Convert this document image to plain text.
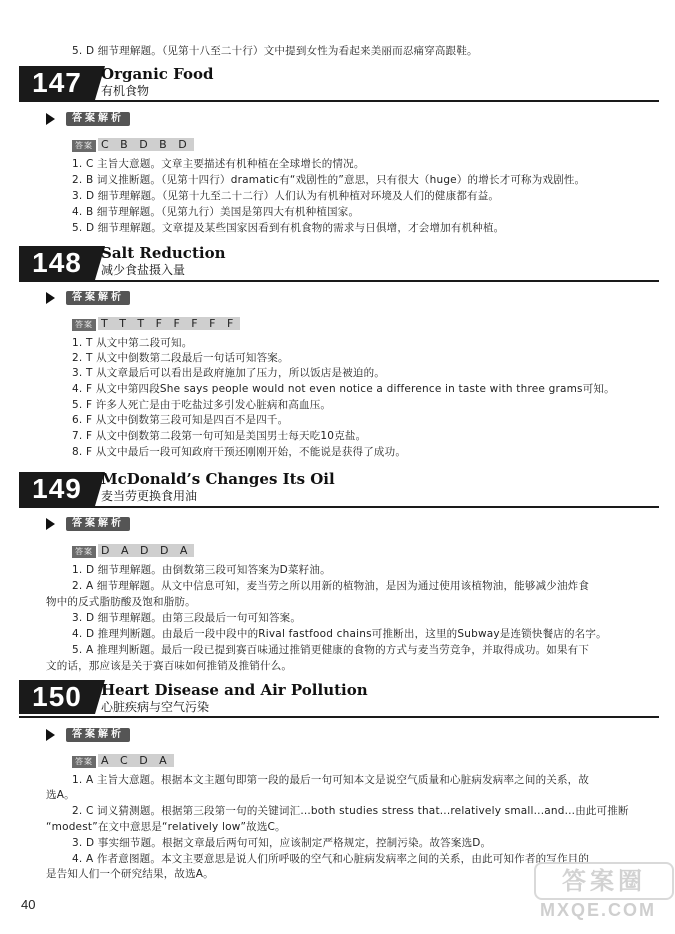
5. D 细节理解题。（见第十八至二十行）文中提到女性为看起来美丽而忍痛穿高跟鞋。
147	Organic Food
有机食物
答案解析
答案 C B D B D
1. C 主旨大意题。文章主要描述有机种植在全球增长的情况。
2. B 词义推断题。（见第十四行）dramatic有“戏剧性的”意思，只有很大（huge）的增长才可称为戏剧性。
3. D 细节理解题。（见第十九至二十二行）人们认为有机种植对环境及人们的健康都有益。
4. B 细节理解题。（见第九行）美国是第四大有机种植国家。
5. D 细节理解题。文章提及某些国家因看到有机食物的需求与日俱增，才会增加有机种植。
148	Salt Reduction
减少食盐摄入量
答案解析
答案 T T T F F F F F
1. T 从文中第二段可知。
2. T 从文中倒数第二段最后一句话可知答案。
3. T 从文章最后可以看出是政府施加了压力，所以饭店是被迫的。
4. F 从文中第四段She says people would not even notice a difference in taste with three grams可知。
5. F 许多人死亡是由于吃盐过多引发心脏病和高血压。
6. F 从文中倒数第三段可知是四百不是四千。
7. F 从文中倒数第二段第一句可知是美国男士每天吃10克盐。
8. F 从文中最后一段可知政府干预还刚刚开始，不能说是获得了成功。
149	McDonald’s Changes Its Oil
麦当劳更换食用油
答案解析
答案 D A D D A
1. D 细节理解题。由倒数第三段可知答案为D菜籽油。
2. A 细节理解题。从文中信息可知，麦当劳之所以用新的植物油，是因为通过使用该植物油，能够减少油炸食
物中的反式脂肪酸及饱和脂肪。
3. D 细节理解题。由第三段最后一句可知答案。
4. D 推理判断题。由最后一段中段中的Rival fastfood chains可推断出，这里的Subway是连锁快餐店的名字。
5. A 推理判断题。最后一段已提到赛百味通过推销更健康的食物的方式与麦当劳竞争，并取得成功。如果有下
文的话，那应该是关于赛百味如何推销及推销什么。
150	Heart Disease and Air Pollution
心脏疾病与空气污染
答案解析
答案 A C D A
1. A 主旨大意题。根据本文主题句即第一段的最后一句可知本文是说空气质量和心脏病发病率之间的关系，故
选A。
2. C 词义猜测题。根据第三段第一句的关键词汇...both studies stress that...relatively small...and...由此可推断
“modest”在文中意思是“relatively low”故选C。
3. D 事实细节题。根据文章最后两句可知，应该制定严格规定，控制污染。故答案选D。
4. A 作者意图题。本文主要意思是说人们所呼吸的空气和心脏病发病率之间的关系，由此可知作者的写作目的
是告知人们一个研究结果，故选A。
40
答案圈
MXQE.COM
